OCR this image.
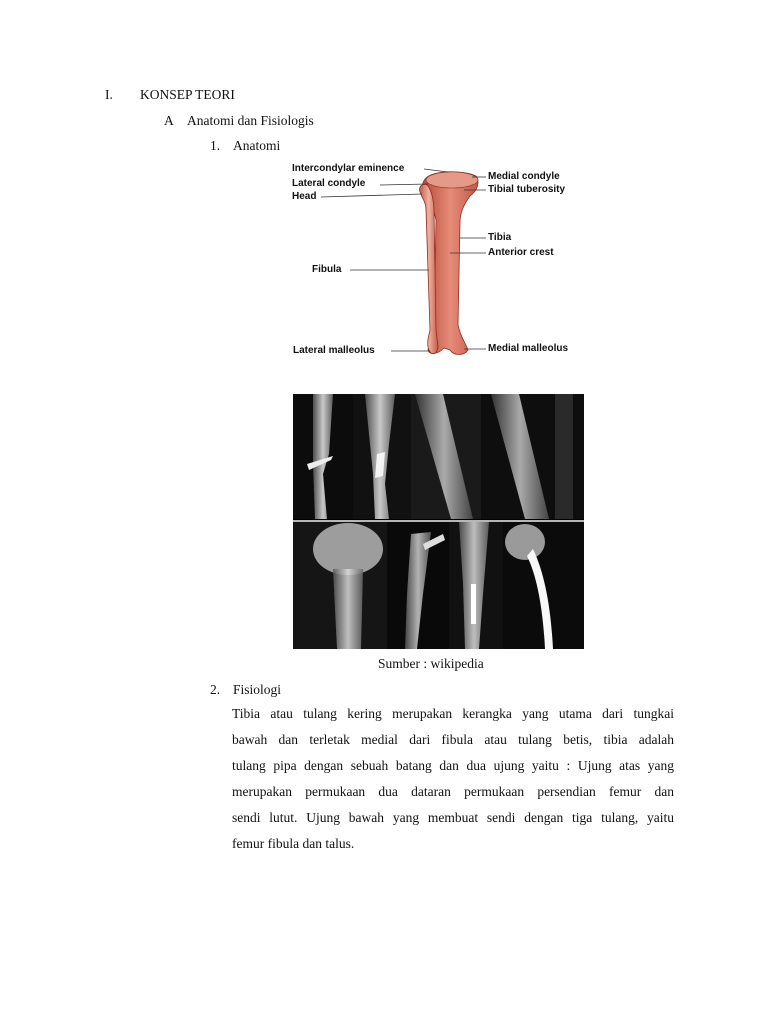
I. KONSEP TEORI
A Anatomi dan Fisiologis
1. Anatomi
Intercondylar eminence
Lateral condyle
Head
Fibula
Lateral malleolus
Medial condyle
Tibial tuberosity
Tibia
Anterior crest
Medial malleolus
Sumber : wikipedia
2. Fisiologi
Tibia atau tulang kering merupakan kerangka yang utama dari tungkai
bawah dan terletak medial dari fibula atau tulang betis, tibia adalah
tulang pipa dengan sebuah batang dan dua ujung yaitu : Ujung atas yang
merupakan permukaan dua dataran permukaan persendian femur dan
sendi lutut. Ujung bawah yang membuat sendi dengan tiga tulang, yaitu
femur fibula dan talus.
